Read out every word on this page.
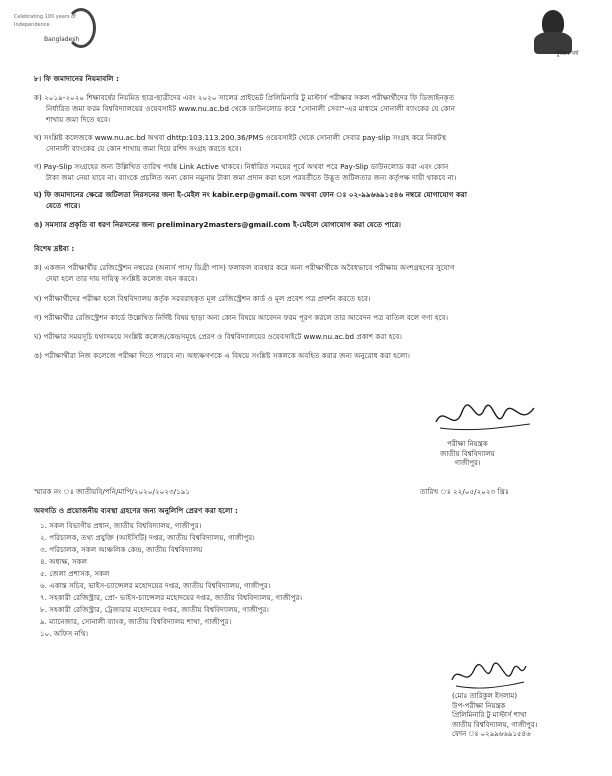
Celebrating 100 years of
Independence
Bangladesh
মুজিব বর্ষ
৮। ফি জমাদানের নিয়মাবলি :
ক) ২০১৯-২০২০ শিক্ষাবর্ষের নিয়মিত ছাত্র-ছাত্রীদের এবং ২০২০ সালের প্রাইভেট প্রিলিমিনারি টু মাস্টার্স পরীক্ষার সকল পরীক্ষার্থীদের ফি ডিজাইনকৃত
নির্ধারিত জমা ফরম বিশ্ববিদ্যালয়ের ওয়েবসাইট www.nu.ac.bd থেকে ডাউনলোড করে "সোনালী সেবা"-এর মাধ্যমে সোনালী ব্যাংকের যে কোন
শাখায় জমা দিতে হবে।
খ) সংশ্লিষ্ট কলেজকে www.nu.ac.bd অথবা dhttp:103.113.200.36/PMS ওয়েবসাইট থেকে সোনালী সেবার pay-slip সংগ্রহ করে নিকটস্থ
সোনালী ব্যাংকের যে কোন শাখায় জমা দিয়ে রশিদ সংগ্রহ করতে হবে।
গ) Pay-Slip সংগ্রহের জন্য উল্লিখিত তারিখ পর্যন্ত Link Active থাকবে। নির্ধারিত সময়ের পূর্বে অথবা পরে Pay-Slip ডাউনলোড করা এবং কোন
টাকা জমা নেয়া যাবে না। ব্যাংকে প্রচলিত অন্য কোন নমুনায় টাকা জমা প্রদান করা হলে পরবর্তীতে উদ্ভূত জটিলতার জন্য কর্তৃপক্ষ দায়ী থাকবে না।
ঘ) ফি জমাদানের ক্ষেত্রে জটিলতা নিরসনের জন্য ই-মেইল নং kabir.erp@gmail.com অথবা ফোন ঃ ০২-৯৯৬৬৯১৫৪৬ নম্বরে যোগাযোগ করা
যেতে পারে।
ঙ) সমস্যার প্রকৃতি বা ধরণ নিরসনের জন্য preliminary2masters@gmail.com ই-মেইলে যোগাযোগ করা যেতে পারে।
বিশেষ দ্রষ্টব্য :
ক) একজন পরীক্ষার্থীর রেজিস্ট্রেশন নম্বরের (অনার্স পাস/ ডিগ্রী পাস) ফলাফল ব্যবহার করে অন্য পরীক্ষার্থীকে অবৈধভাবে পরীক্ষায় অংশগ্রহণের সুযোগ
দেয়া হলে তার দায় দায়িত্ব সংশ্লিষ্ট কলেজ বহন করবে।
খ) পরীক্ষার্থীদের পরীক্ষা হলে বিশ্ববিদ্যালয় কর্তৃক সরবরাহকৃত মূল রেজিস্ট্রেশন কার্ড ও মূল প্রবেশ পত্র প্রদর্শন করতে হবে।
গ) পরীক্ষার্থীর রেজিস্ট্রেশন কার্ডে উল্লেখিত নির্দিষ্ট বিষয় ছাড়া অন্য কোন বিষয়ে আবেদন ফরম পূরণ করলে তার আবেদন পত্র বাতিল বলে গণ্য হবে।
ঘ) পরীক্ষার সময়সূচি যথাসময়ে সংশ্লিষ্ট কলেজ/কেন্দ্রসমূহে প্রেরণ ও বিশ্ববিদ্যালয়ের ওয়েবসাইটে www.nu.ac.bd প্রকাশ করা হবে।
ঙ) পরীক্ষার্থীরা নিজ কলেজে পরীক্ষা দিতে পারবে না। অধ্যক্ষগণকে এ বিষয়ে সংশ্লিষ্ট সকলকে অবহিত করার জন্য অনুরোধ করা হলো।
পরীক্ষা নিয়ন্ত্রক
জাতীয় বিশ্ববিদ্যালয়
গাজীপুর।
স্মারক নং ঃ জাতীয়বি/পনি/মাপি/২০২০/২০২৩/১৯১	তারিখ ঃ ২২/০৫/২০২৩ খ্রিঃ
অবগতি ও প্রয়োজনীয় ব্যবস্থা গ্রহণের জন্য অনুলিপি প্রেরণ করা হলো :
১. সকল বিভাগীয় প্রধান, জাতীয় বিশ্ববিদ্যালয়, গাজীপুর।
২. পরিচালক, তথ্য প্রযুক্তি (আইসিটি) দপ্তর, জাতীয় বিশ্ববিদ্যালয়, গাজীপুর।
৩. পরিচালক, সকল আঞ্চলিক কেন্দ্র, জাতীয় বিশ্ববিদ্যালয়
৪. অধ্যক্ষ, সকল
৫. জেলা প্রশাসক, সকল
৬. একান্ত সচিব, ভাইস-চ্যান্সেলর মহোদয়ের দপ্তর, জাতীয় বিশ্ববিদ্যালয়, গাজীপুর।
৭. সহকারী রেজিস্ট্রার, প্রো- ভাইস-চ্যান্সেলর মহোদয়ের দপ্তর, জাতীয় বিশ্ববিদ্যালয়, গাজীপুর।
৮. সহকারী রেজিস্ট্রার, ট্রেজারার মহোদয়ের দপ্তর, জাতীয় বিশ্ববিদ্যালয়, গাজীপুর।
৯. ম্যানেজার, সোনালী ব্যাংক, জাতীয় বিশ্ববিদ্যালয় শাখা, গাজীপুর।
১০. অফিস নথি।
(মোঃ তারিকুল ইসলাম)
উপ-পরীক্ষা নিয়ন্ত্রক
প্রিলিমিনারি টু মাস্টার্স শাখা
জাতীয় বিশ্ববিদ্যালয়, গাজীপুর।
ফোন ঃ ০২৯৯৬৬৯১৫৪৬
